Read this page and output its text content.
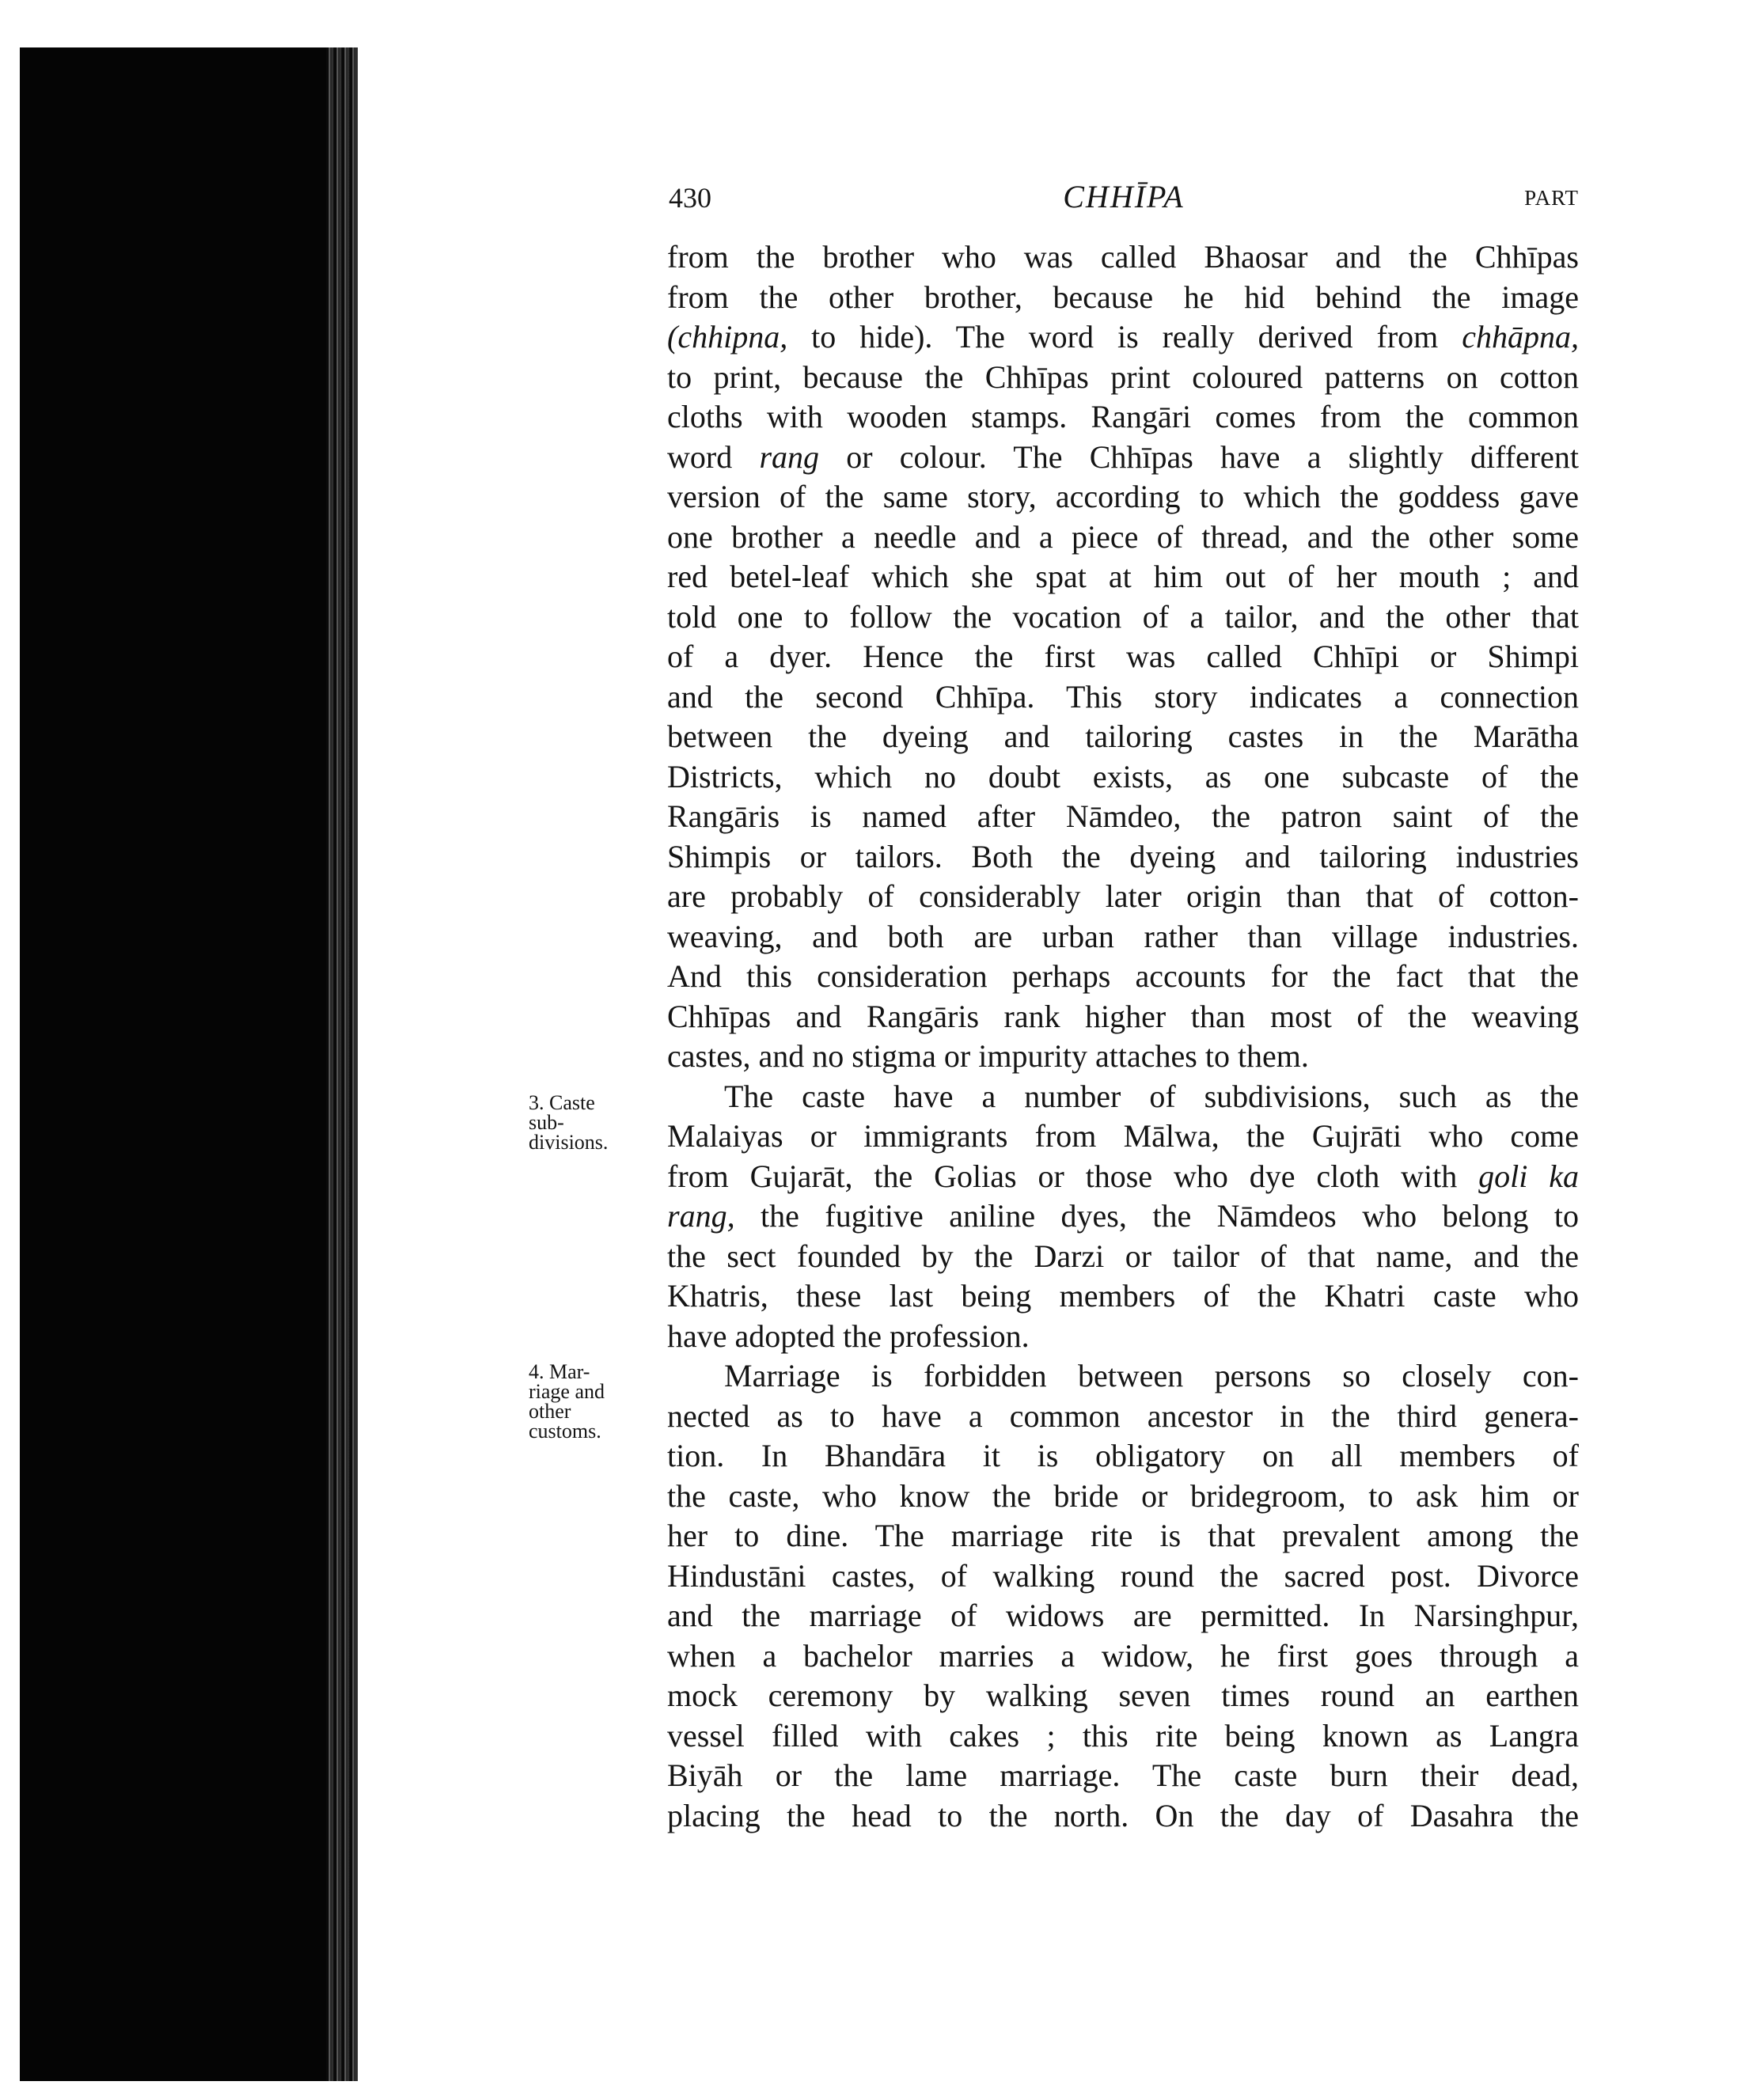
430	CHHĪPA	PART
3. Caste
sub-
divisions.
4. Mar-
riage and
other
customs.
from the brother who was called Bhaosar and the Chhīpas
from the other brother, because he hid behind the image
(chhipna, to hide). The word is really derived from chhāpna,
to print, because the Chhīpas print coloured patterns on cotton
cloths with wooden stamps. Rangāri comes from the common
word rang or colour. The Chhīpas have a slightly different
version of the same story, according to which the goddess gave
one brother a needle and a piece of thread, and the other some
red betel-leaf which she spat at him out of her mouth ; and
told one to follow the vocation of a tailor, and the other that
of a dyer. Hence the first was called Chhīpi or Shimpi
and the second Chhīpa. This story indicates a connection
between the dyeing and tailoring castes in the Marātha
Districts, which no doubt exists, as one subcaste of the
Rangāris is named after Nāmdeo, the patron saint of the
Shimpis or tailors. Both the dyeing and tailoring industries
are probably of considerably later origin than that of cotton-
weaving, and both are urban rather than village industries.
And this consideration perhaps accounts for the fact that the
Chhīpas and Rangāris rank higher than most of the weaving
castes, and no stigma or impurity attaches to them.
The caste have a number of subdivisions, such as the
Malaiyas or immigrants from Mālwa, the Gujrāti who come
from Gujarāt, the Golias or those who dye cloth with goli ka
rang, the fugitive aniline dyes, the Nāmdeos who belong to
the sect founded by the Darzi or tailor of that name, and the
Khatris, these last being members of the Khatri caste who
have adopted the profession.
Marriage is forbidden between persons so closely con-
nected as to have a common ancestor in the third genera-
tion. In Bhandāra it is obligatory on all members of
the caste, who know the bride or bridegroom, to ask him or
her to dine. The marriage rite is that prevalent among the
Hindustāni castes, of walking round the sacred post. Divorce
and the marriage of widows are permitted. In Narsinghpur,
when a bachelor marries a widow, he first goes through a
mock ceremony by walking seven times round an earthen
vessel filled with cakes ; this rite being known as Langra
Biyāh or the lame marriage. The caste burn their dead,
placing the head to the north. On the day of Dasahra the
